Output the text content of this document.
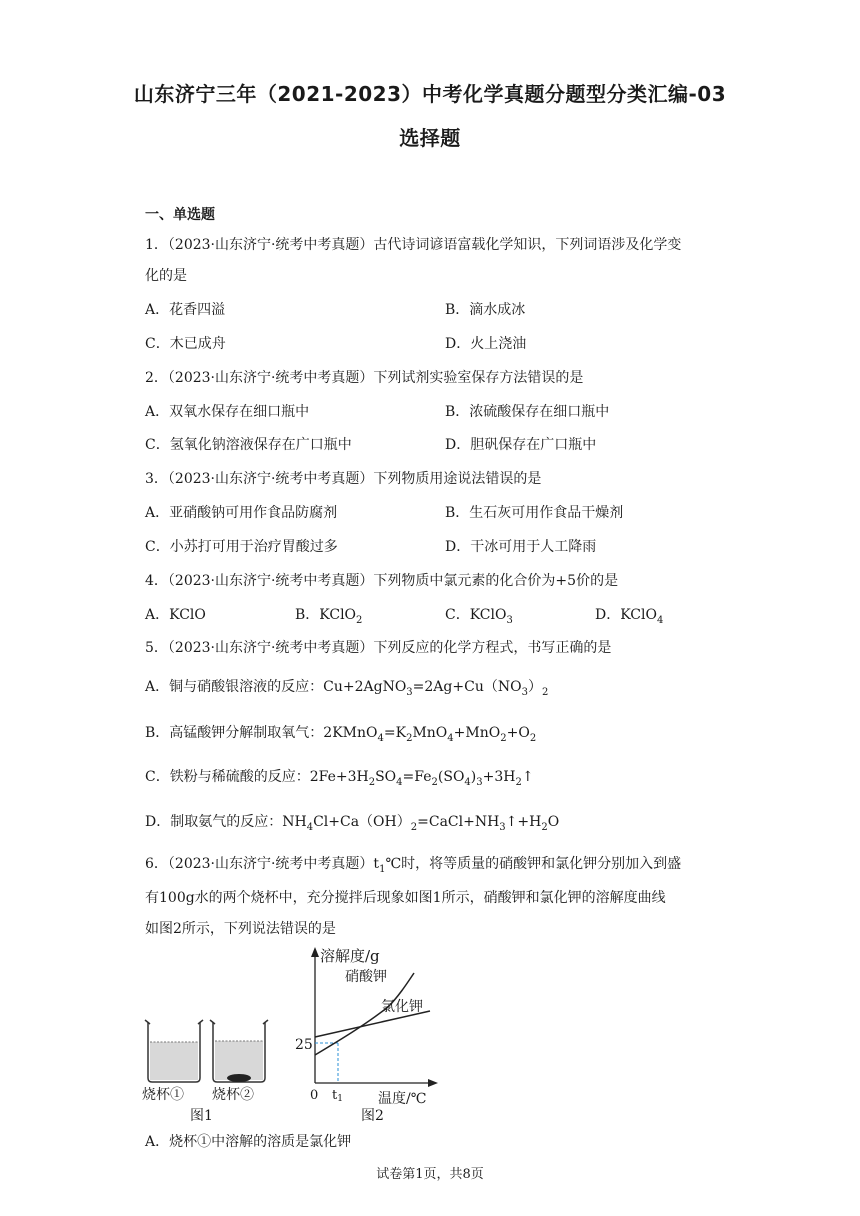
山东济宁三年（2021-2023）中考化学真题分题型分类汇编-03
选择题
一、单选题
1．（2023·山东济宁·统考中考真题）古代诗词谚语富载化学知识，下列词语涉及化学变
化的是
A．花香四溢	B．滴水成冰
C．木已成舟	D．火上浇油
2．（2023·山东济宁·统考中考真题）下列试剂实验室保存方法错误的是
A．双氧水保存在细口瓶中	B．浓硫酸保存在细口瓶中
C．氢氧化钠溶液保存在广口瓶中	D．胆矾保存在广口瓶中
3．（2023·山东济宁·统考中考真题）下列物质用途说法错误的是
A．亚硝酸钠可用作食品防腐剂	B．生石灰可用作食品干燥剂
C．小苏打可用于治疗胃酸过多	D．干冰可用于人工降雨
4．（2023·山东济宁·统考中考真题）下列物质中氯元素的化合价为+5价的是
A．KClO	B．KClO$_2$	C．KClO$_3$	D．KClO$_4$
5．（2023·山东济宁·统考中考真题）下列反应的化学方程式，书写正确的是
A．铜与硝酸银溶液的反应：$Cu+2AgNO_3=2Ag+Cu(NO_3)_2$
B．高锰酸钾分解制取氧气：$2KMnO_4=K_2MnO_4+MnO_2+O_2$
C．铁粉与稀硫酸的反应：$2Fe+3H_2SO_4=Fe_2(SO_4)_3+3H_2↑$
D．制取氨气的反应：$NH_4Cl+Ca(OH)_2=CaCl+NH_3↑+H_2O$
6．（2023·山东济宁·统考中考真题）$t_1℃$时，将等质量的硝酸钾和氯化钾分别加入到盛
有100g水的两个烧杯中，充分搅拌后现象如图1所示，硝酸钾和氯化钾的溶解度曲线
如图2所示，下列说法错误的是
烧杯① 烧杯②
图1
溶解度/g
硝酸钾
氯化钾
25
0 t1	温度/℃
图2
A．烧杯①中溶解的溶质是氯化钾
试卷第1页，共8页
